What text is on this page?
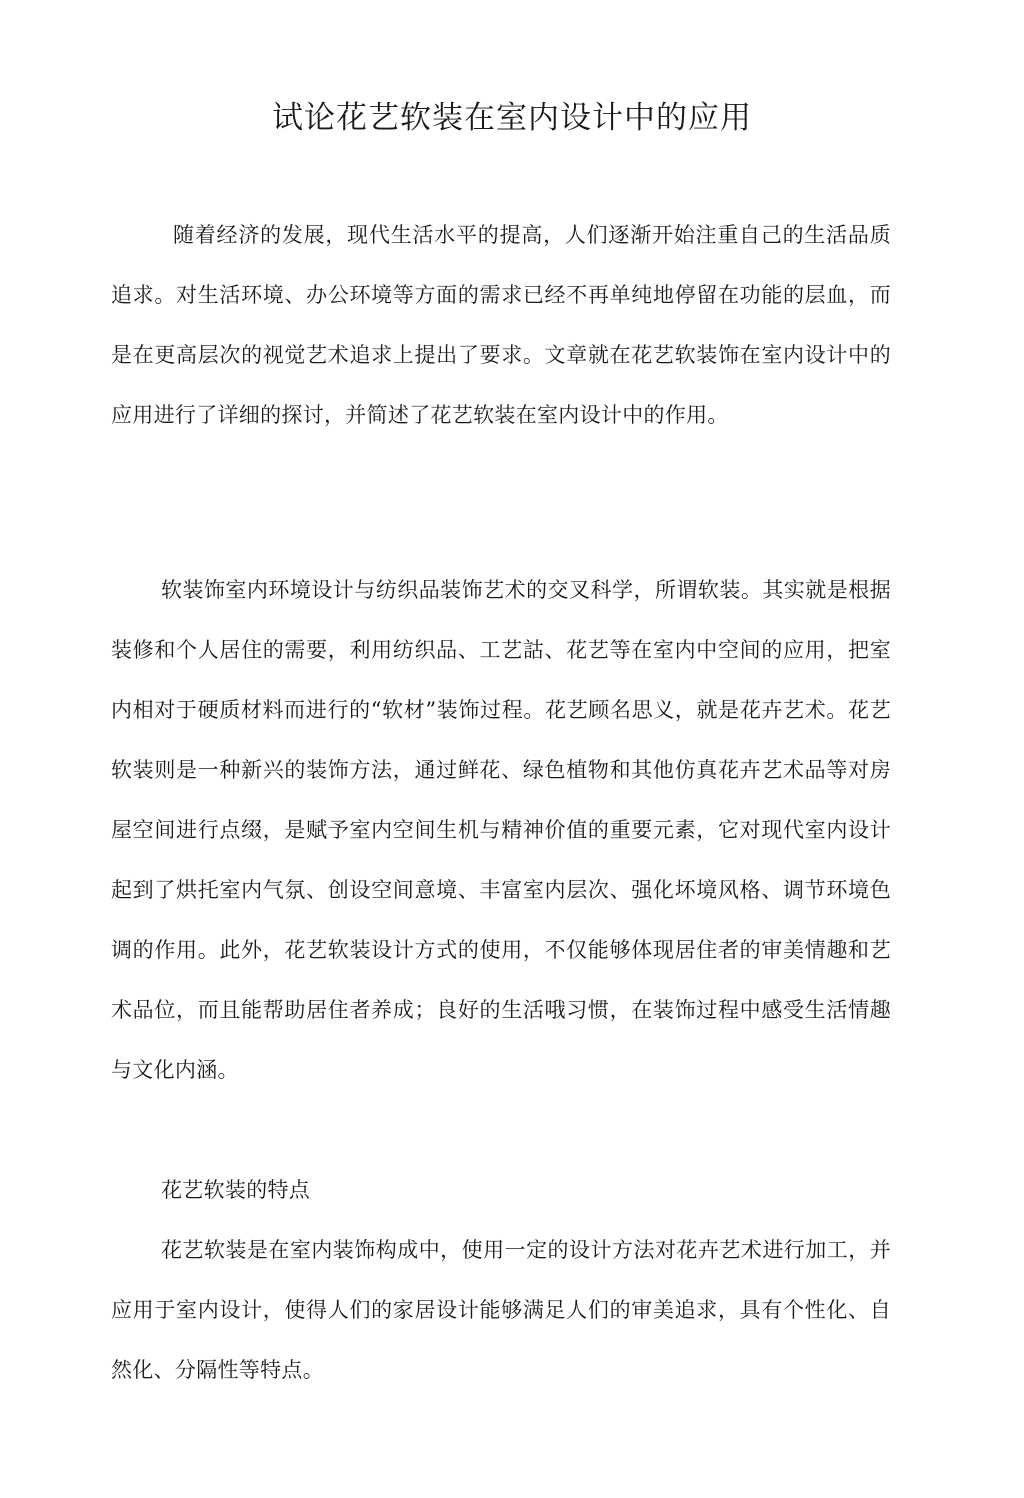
试论花艺软装在室内设计中的应用

随着经济的发展，现代生活水平的提高，人们逐渐开始注重自己的生活品质追求。对生活环境、办公环境等方面的需求已经不再单纯地停留在功能的层血，而是在更高层次的视觉艺术追求上提出了要求。文章就在花艺软装饰在室内设计中的应用进行了详细的探讨，并简述了花艺软装在室内设计中的作用。

软装饰室内环境设计与纺织品装饰艺术的交叉科学，所谓软装。其实就是根据装修和个人居住的需要，利用纺织品、工艺詁、花艺等在室内中空间的应用，把室内相对于硬质材料而进行的“软材”装饰过程。花艺顾名思义，就是花卉艺术。花艺软装则是一种新兴的装饰方法，通过鲜花、绿色植物和其他仿真花卉艺术品等对房屋空间进行点缀，是赋予室内空间生机与精神价值的重要元素，它对现代室内设计起到了烘托室内气氛、创设空间意境、丰富室内层次、强化坏境风格、调节环境色调的作用。此外，花艺软装设计方式的使用，不仅能够体现居住者的审美情趣和艺术品位，而且能帮助居住者养成；良好的生活哦习惯，在装饰过程中感受生活情趣与文化内涵。

花艺软装的特点

花艺软装是在室内装饰构成中，使用一定的设计方法对花卉艺术进行加工，并应用于室内设计，使得人们的家居设计能够满足人们的审美追求，具有个性化、自然化、分隔性等特点。
